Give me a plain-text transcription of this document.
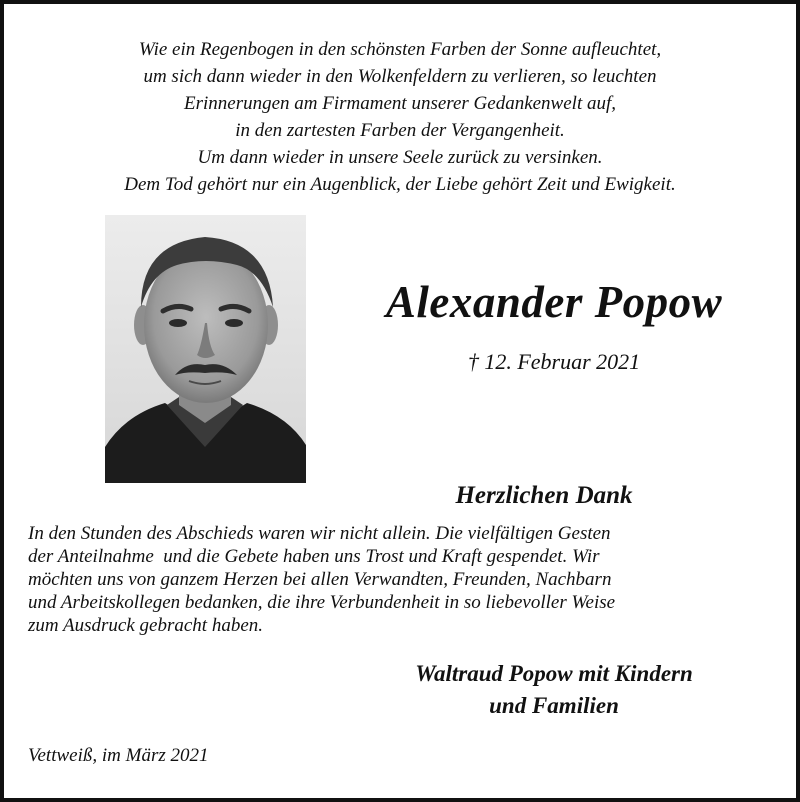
Wie ein Regenbogen in den schönsten Farben der Sonne aufleuchtet,
um sich dann wieder in den Wolkenfeldern zu verlieren, so leuchten
Erinnerungen am Firmament unserer Gedankenwelt auf,
in den zartesten Farben der Vergangenheit.
Um dann wieder in unsere Seele zurück zu versinken.
Dem Tod gehört nur ein Augenblick, der Liebe gehört Zeit und Ewigkeit.
Alexander Popow
† 12. Februar 2021
Herzlichen Dank
In den Stunden des Abschieds waren wir nicht allein. Die vielfältigen Gesten
der Anteilnahme  und die Gebete haben uns Trost und Kraft gespendet. Wir
möchten uns von ganzem Herzen bei allen Verwandten, Freunden, Nachbarn
und Arbeitskollegen bedanken, die ihre Verbundenheit in so liebevoller Weise
zum Ausdruck gebracht haben.
Waltraud Popow mit Kindern
und Familien
Vettweiß, im März 2021
